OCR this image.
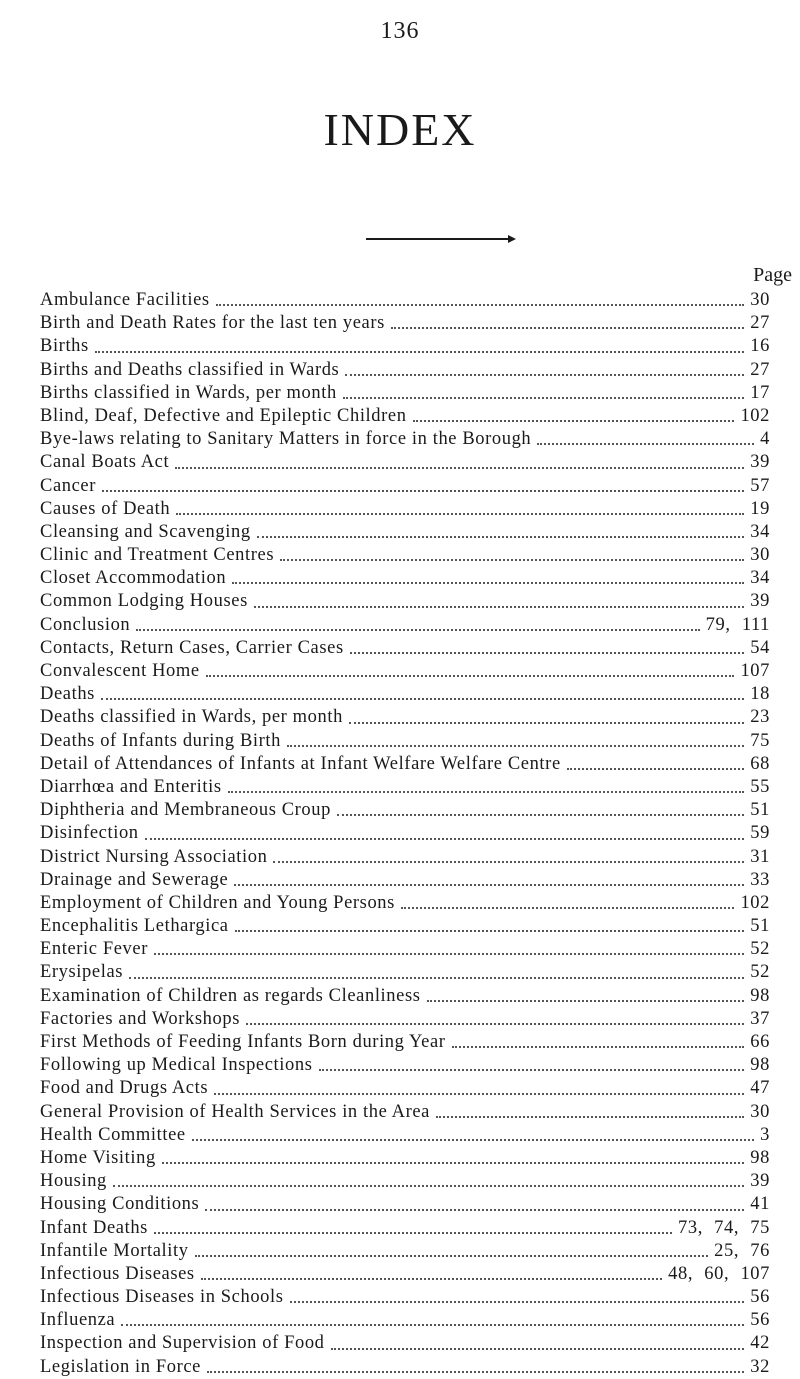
136
INDEX
Page
Ambulance Facilities	30
Birth and Death Rates for the last ten years	27
Births	16
Births and Deaths classified in Wards	27
Births classified in Wards, per month	17
Blind, Deaf, Defective and Epileptic Children	102
Bye-laws relating to Sanitary Matters in force in the Borough	4
Canal Boats Act	39
Cancer	57
Causes of Death	19
Cleansing and Scavenging	34
Clinic and Treatment Centres	30
Closet Accommodation	34
Common Lodging Houses	39
Conclusion	79, 111
Contacts, Return Cases, Carrier Cases	54
Convalescent Home	107
Deaths	18
Deaths classified in Wards, per month	23
Deaths of Infants during Birth	75
Detail of Attendances of Infants at Infant Welfare Welfare Centre	68
Diarrhœa and Enteritis	55
Diphtheria and Membraneous Croup	51
Disinfection	59
District Nursing Association	31
Drainage and Sewerage	33
Employment of Children and Young Persons	102
Encephalitis Lethargica	51
Enteric Fever	52
Erysipelas	52
Examination of Children as regards Cleanliness	98
Factories and Workshops	37
First Methods of Feeding Infants Born during Year	66
Following up Medical Inspections	98
Food and Drugs Acts	47
General Provision of Health Services in the Area	30
Health Committee	3
Home Visiting	98
Housing	39
Housing Conditions	41
Infant Deaths	73, 74, 75
Infantile Mortality	25, 76
Infectious Diseases	48, 60, 107
Infectious Diseases in Schools	56
Influenza	56
Inspection and Supervision of Food	42
Legislation in Force	32
